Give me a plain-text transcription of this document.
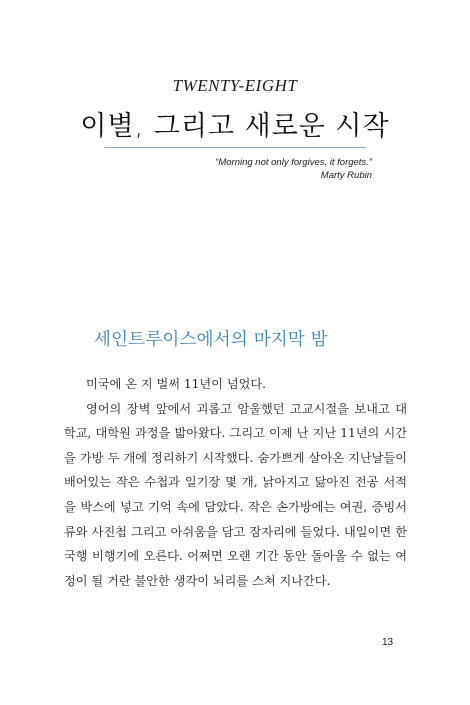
TWENTY-EIGHT
이별, 그리고 새로운 시작
“Morning not only forgives, it forgets.”
Marty Rubin
세인트루이스에서의 마지막 밤

미국에 온 지 벌써 11년이 넘었다.

영어의 장벽 앞에서 괴롭고 암울했던 고교시절을 보내고 대학교, 대학원 과정을 밟아왔다. 그리고 이제 난 지난 11년의 시간을 가방 두 개에 정리하기 시작했다. 숨가쁘게 살아온 지난날들이 배어있는 작은 수첩과 일기장 몇 개, 낡아지고 닳아진 전공 서적을 박스에 넣고 기억 속에 담았다. 작은 손가방에는 여권, 증빙서류와 사진첩 그리고 아쉬움을 담고 잠자리에 들었다. 내일이면 한국행 비행기에 오른다. 어쩌면 오랜 기간 동안 돌아올 수 없는 여정이 될 거란 불안한 생각이 뇌리를 스쳐 지나간다.

13
